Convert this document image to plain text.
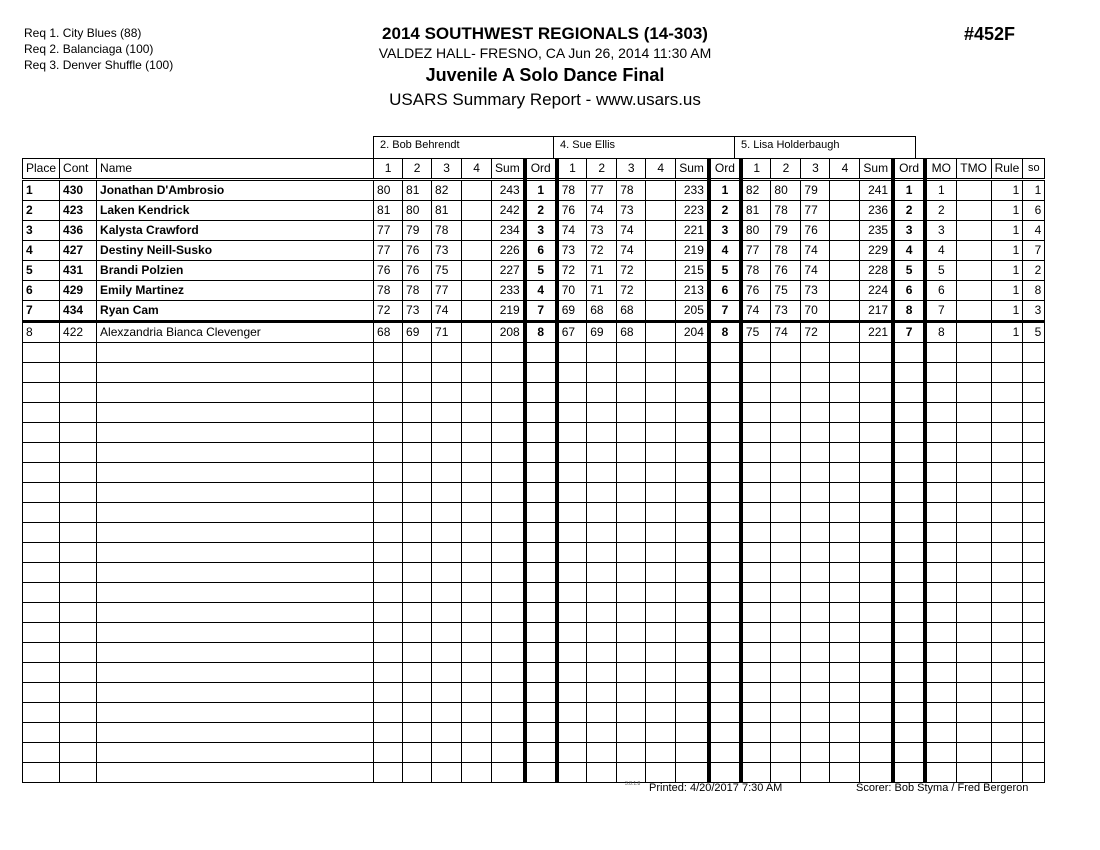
Req 1. City Blues (88)
Req 2. Balanciaga (100)
Req 3. Denver Shuffle (100)
2014 SOUTHWEST REGIONALS (14-303)
VALDEZ HALL- FRESNO, CA Jun 26, 2014 11:30 AM
Juvenile A Solo Dance Final
USARS Summary Report - www.usars.us
#452F
2. Bob Behrendt	4. Sue Ellis	5. Lisa Holderbaugh
Place	Cont	Name	1	2	3	4	Sum	Ord	1	2	3	4	Sum	Ord	1	2	3	4	Sum	Ord	MO	TMO	Rule	so
1	430	Jonathan D'Ambrosio	80	81	82		243	1	78	77	78		233	1	82	80	79		241	1	1		1	1
2	423	Laken Kendrick	81	80	81		242	2	76	74	73		223	2	81	78	77		236	2	2		1	6
3	436	Kalysta Crawford	77	79	78		234	3	74	73	74		221	3	80	79	76		235	3	3		1	4
4	427	Destiny Neill-Susko	77	76	73		226	6	73	72	74		219	4	77	78	74		229	4	4		1	7
5	431	Brandi Polzien	76	76	75		227	5	72	71	72		215	5	78	76	74		228	5	5		1	2
6	429	Emily Martinez	78	78	77		233	4	70	71	72		213	6	76	75	73		224	6	6		1	8
7	434	Ryan Cam	72	73	74		219	7	69	68	68		205	7	74	73	70		217	8	7		1	3
8	422	Alexzandria Bianca Clevenger	68	69	71		208	8	67	69	68		204	8	75	74	72		221	7	8		1	5

3.8.1.8 Printed: 4/20/2017 7:30 AM	Scorer: Bob Styma / Fred Bergeron
